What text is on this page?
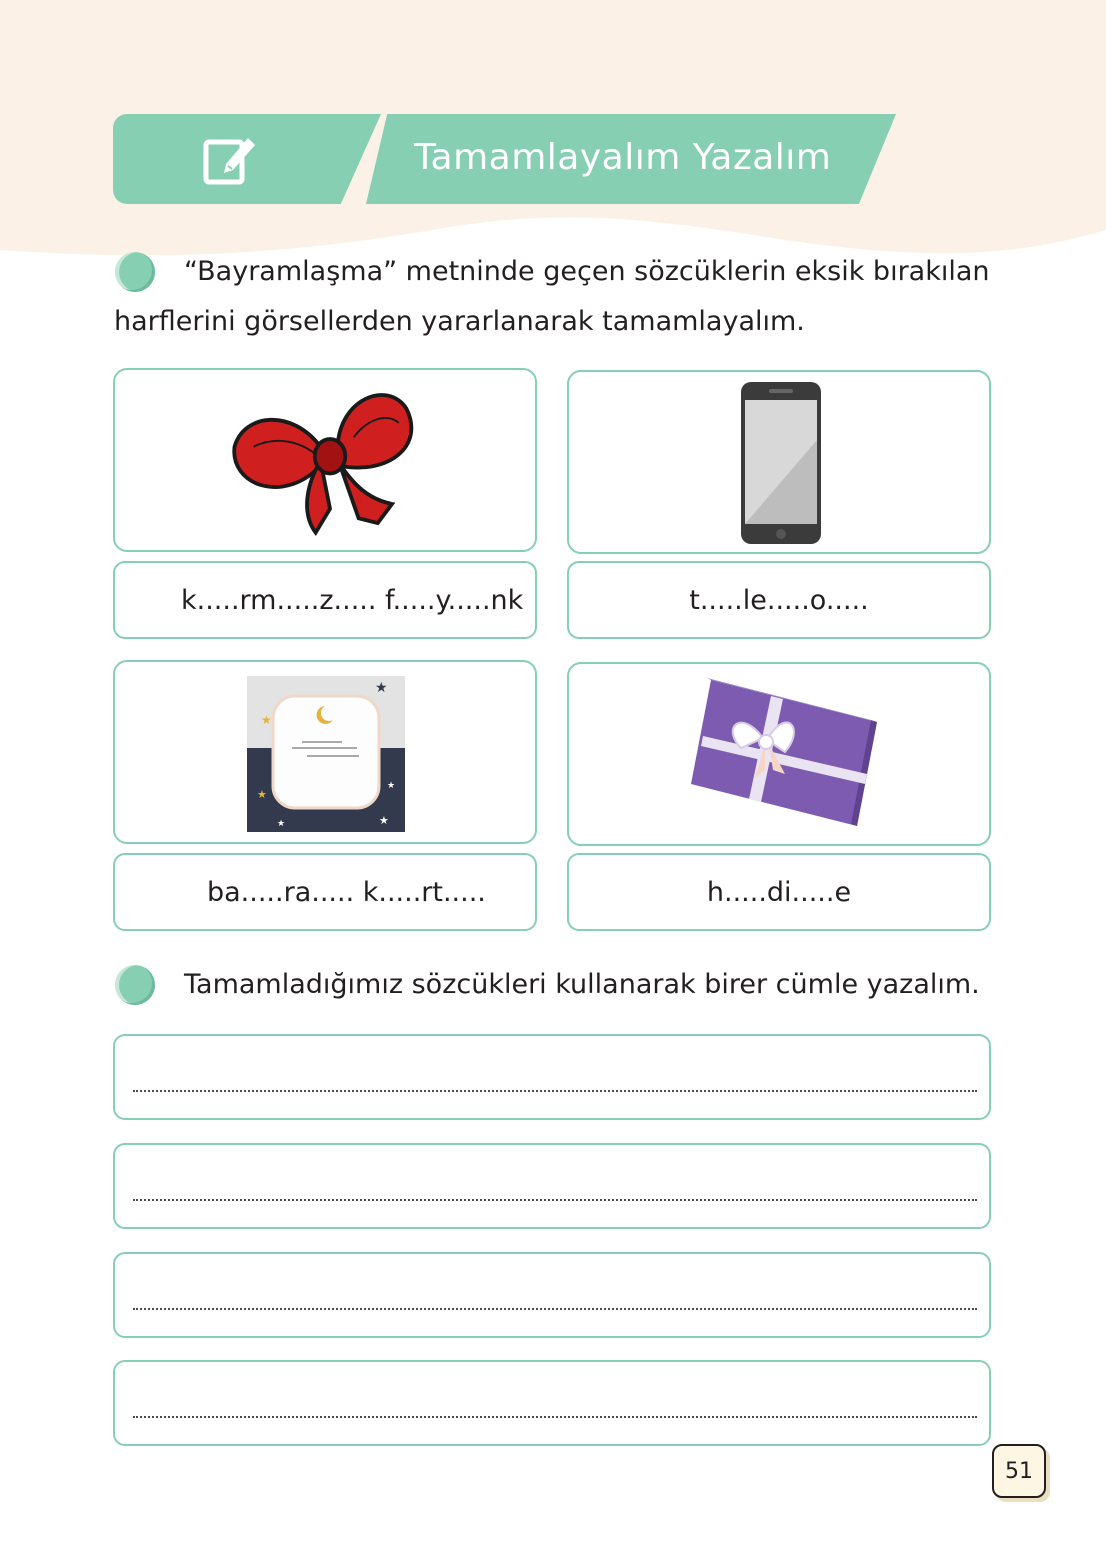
Tamamlayalım Yazalım
“Bayramlaşma” metninde geçen sözcüklerin eksik bırakılan
harflerini görsellerden yararlanarak tamamlayalım.
k.....rm.....z..... f.....y.....nk	t.....le.....o.....
★
★
★
★
★
★
ba.....ra..... k.....rt.....	h.....di.....e
Tamamladığımız sözcükleri kullanarak birer cümle yazalım.
51
